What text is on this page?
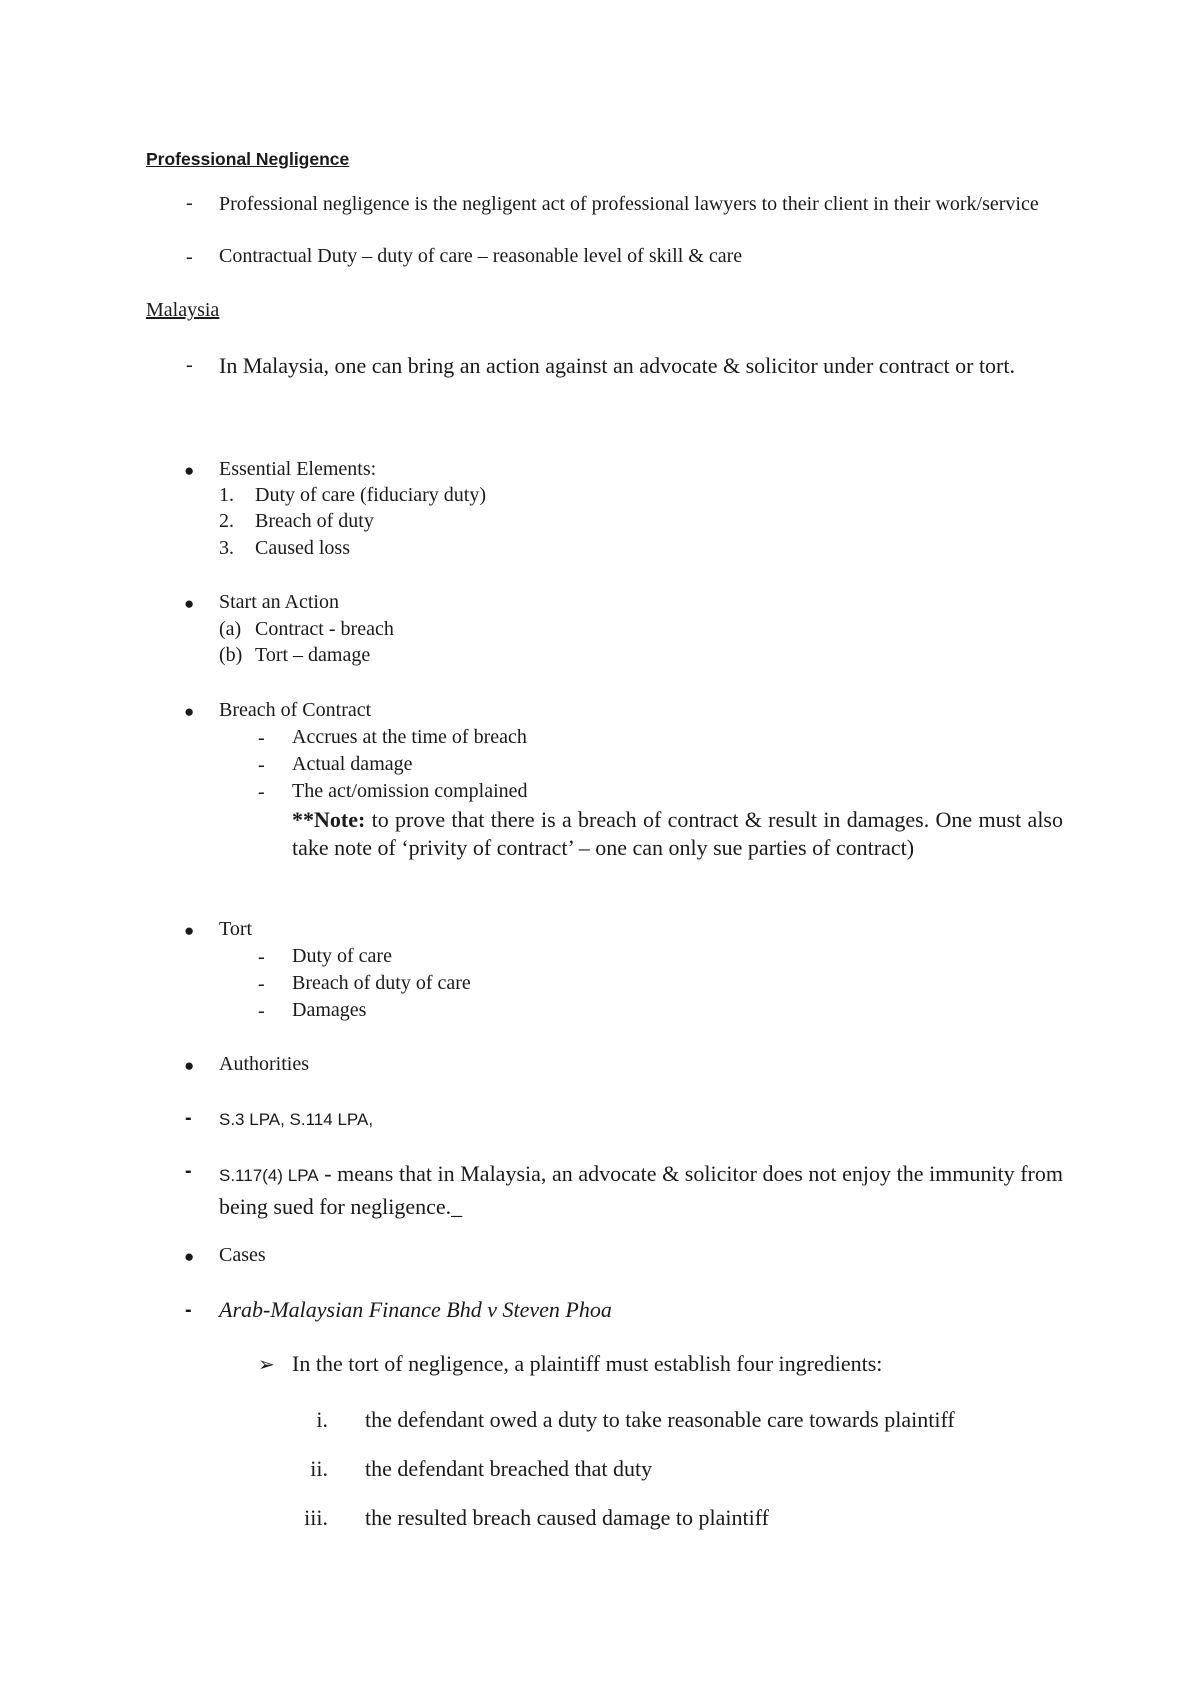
Professional Negligence
- Professional negligence is the negligent act of professional lawyers to their client in their work/service
- Contractual Duty – duty of care – reasonable level of skill & care
Malaysia
- In Malaysia, one can bring an action against an advocate & solicitor under contract or tort.
● Essential Elements:
1. Duty of care (fiduciary duty)
2. Breach of duty
3. Caused loss
● Start an Action
(a) Contract - breach
(b) Tort – damage
● Breach of Contract
- Accrues at the time of breach
- Actual damage
- The act/omission complained
**Note: to prove that there is a breach of contract & result in damages. One must also take note of ‘privity of contract’ – one can only sue parties of contract)
● Tort
- Duty of care
- Breach of duty of care
- Damages
● Authorities
- S.3 LPA, S.114 LPA,
- S.117(4) LPA - means that in Malaysia, an advocate & solicitor does not enjoy the immunity from being sued for negligence._
● Cases
- Arab-Malaysian Finance Bhd v Steven Phoa
➢ In the tort of negligence, a plaintiff must establish four ingredients:
i. the defendant owed a duty to take reasonable care towards plaintiff
ii. the defendant breached that duty
iii. the resulted breach caused damage to plaintiff
